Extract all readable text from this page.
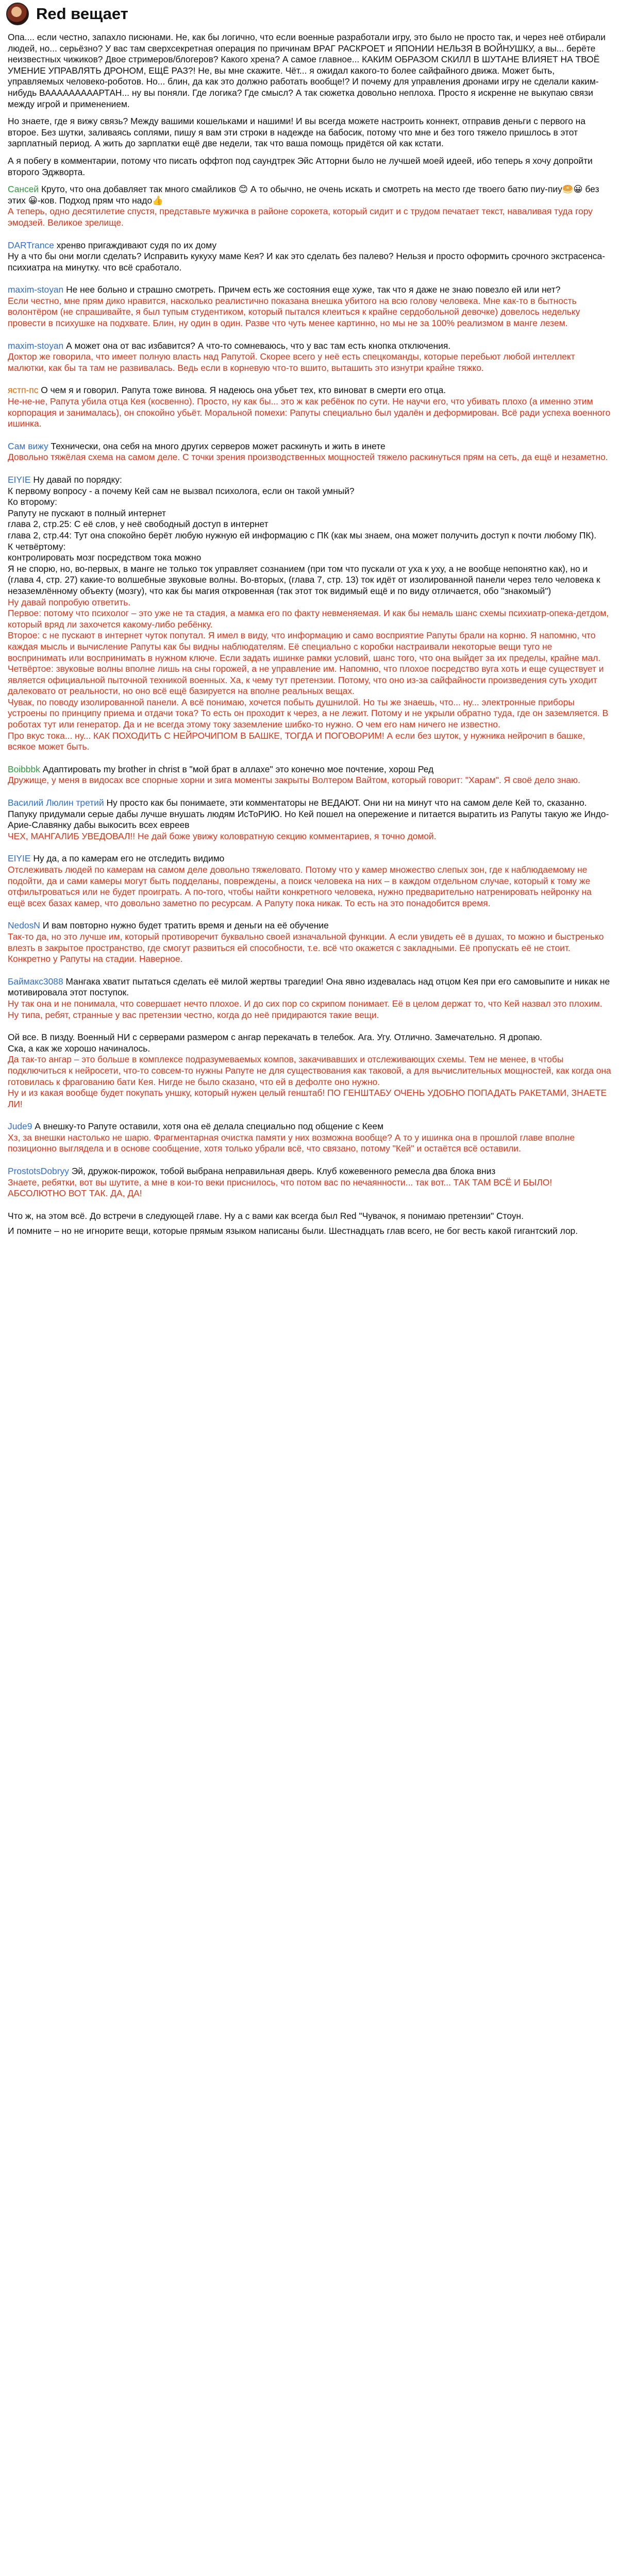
Red вещает

Опа.... если честно, запахло писюнами. Не, как бы логично, что если военные разработали игру, это было не просто так, и через неё отбирали людей, но... серьёзно? У вас там сверхсекретная операция по причинам ВРАГ РАСКРОЕТ и ЯПОНИИ НЕЛЬЗЯ В ВОЙНУШКУ, а вы... берёте неизвестных чижиков? Двое стримеров/блогеров? Какого хрена? А самое главное... КАКИМ ОБРАЗОМ СКИЛЛ В ШУТАНЕ ВЛИЯЕТ НА ТВОЁ УМЕНИЕ УПРАВЛЯТЬ ДРОНОМ, ЕЩЁ РАЗ?! Не, вы мне скажите. Чёт... я ожидал какого-то более сайфайного движа. Может быть, управляемых человеко-роботов. Но... блин, да как это должно работать вообще!? И почему для управления дронами игру не сделали каким-нибудь ВАААААААААРТАН... ну вы поняли. Где логика? Где смысл? А так сюжетка довольно неплоха. Просто я искренне не выкупаю связи между игрой и применением.

Но знаете, где я вижу связь? Между вашими кошельками и нашими! И вы всегда можете настроить коннект, отправив деньги с первого на второе. Без шутки, заливаясь соплями, пишу я вам эти строки в надежде на бабосик, потому что мне и без того тяжело пришлось в этот зарплатный период. А жить до зарплатки ещё две недели, так что ваша помощь придётся ой как кстати.

А я побегу в комментарии, потому что писать оффтоп под саундтрек Эйс Атторни было не лучшей моей идеей, ибо теперь я хочу допройти второго Эджворта.

Сансей Круто, что она добавляет так много смайликов 😊 А то обычно, не очень искать и смотреть на место где твоего батю пиу-пиу🥯😀 без этих 😀-ков. Подход прям что надо👍
А теперь, одно десятилетие спустя, представьте мужичка в районе сорокета, который сидит и с трудом печатает текст, наваливая туда гору эмодзей. Великое зрелище.
DARTrance хренво пригаждивают судя по их дому
Ну а что бы они могли сделать? Исправить кукуху маме Кея? И как это сделать без палево? Нельзя и просто оформить срочного экстрасенса-психиатра на минутку. что всё сработало.
maxim-stoyan Не нее больно и страшно смотреть. Причем есть же состояния еще хуже, так что я даже не знаю повезло ей или нет?
Если честно, мне прям дико нравится, насколько реалистично показана внешка убитого на всю голову человека. Мне как-то в бытность волонтёром (не спрашивайте, я был тупым студентиком, который пытался клеиться к крайне сердобольной девочке) довелось недельку провести в психушке на подхвате. Блин, ну один в один. Разве что чуть менее картинно, но мы не за 100% реализмом в манге лезем.
maxim-stoyan А может она от вас избавится? А что-то сомневаюсь, что у вас там есть кнопка отключения.
Доктор же говорила, что имеет полную власть над Рапутой. Скорее всего у неё есть спецкоманды, которые перебьют любой интеллект малютки, как бы та там не развивалась. Ведь если в корневую что-то вшито, выташить это изнутри крайне тяжко.
ястп-пс О чем я и говорил. Рапута тоже винова. Я надеюсь она убьет тех, кто виноват в смерти его отца.
Не-не-не, Рапута убила отца Кея (косвенно). Просто, ну как бы... это ж как ребёнок по сути. Не научи его, что убивать плохо (а именно этим корпорация и занималась), он спокойно убьёт. Моральной помехи: Рапуты специально был удалён и деформирован. Всё ради успеха военного ишинка.
Сам вижу Технически, она себя на много других серверов может раскинуть и жить в инете
Довольно тяжёлая схема на самом деле. С точки зрения производственных мощностей тяжело раскинуться прям на сеть, да ещё и незаметно.
EIYIE Ну давай по порядку:
К первому вопросу - а почему Кей сам не вызвал психолога, если он такой умный?
Ко второму:
Рапуту не пускают в полный интернет
глава 2, стр.25: С её слов, у неё свободный доступ в интернет
глава 2, стр.44: Тут она спокойно берёт любую нужную ей информацию с ПК (как мы знаем, она может получить доступ к почти любому ПК).
К четвёртому:
контролировать мозг посредством тока можно
Я не спорю, но, во-первых, в манге не только ток управляет сознанием (при том что пускали от уха к уху, а не вообще непонятно как), но и (глава 4, стр. 27) какие-то волшебные звуковые волны. Во-вторых, (глава 7, стр. 13) ток идёт от изолированной панели через тело человека к незаземлённому объекту (мозгу), что как бы магия откровенная (так этот ток видимый ещё и по виду отличается, обо "знакомый")
Ну давай попробую ответить.
Первое: потому что психолог – это уже не та стадия, а мамка его по факту невменяемая. И как бы немаль шанс схемы психиатр-опека-детдом, который вряд ли захочется какому-либо ребёнку.
Второе: с не пускают в интернет чуток попутал. Я имел в виду, что информацию и само восприятие Рапуты брали на корню. Я напомню, что каждая мысль и вычисление Рапуты как бы видны наблюдателям. Её специально с коробки настраивали некоторые вещи туго не воспринимать или воспринимать в нужном ключе. Если задать ишинке рамки условий, шанс того, что она выйдет за их пределы, крайне мал.
Четвёртое: звуковые волны вполне лишь на сны горожей, а не управление им. Напомню, что плохое посредство вуга хоть и еще существует и является официальной пыточной техникой военных. Ха, к чему тут претензии. Потому, что оно из-за сайфайности произведения суть уходит далековато от реальности, но оно всё ещё базируется на вполне реальных вещах.
Чувак, по поводу изолированной панели. А всё понимаю, хочется побыть душнилой. Но ты же знаешь, что... ну... электронные приборы устроены по принципу приема и отдачи тока? То есть он проходит к через, а не лежит. Потому и не укрыли обратно туда, где он заземляется. В роботах тут или генератор. Да и не всегда этому току заземление шибко-то нужно. О чем его нам ничего не известно.
Про вкус тока... ну... КАК ПОХОДИТЬ С НЕЙРОЧИПОМ В БАШКЕ, ТОГДА И ПОГОВОРИМ! А если без шуток, у нужника нейрочип в башке, всякое может быть.
Boibbbk Адаптировать my brother in christ в "мой брат в аллахе" это конечно мое почтение, хорош Ред
Дружище, у меня в видосах все спорные хорни и зига моменты закрыты Волтером Вайтом, который говорит: "Харам". Я своё дело знаю.
Василий Люлин третий Ну просто как бы понимаете, эти комментаторы не ВЕДАЮТ. Они ни на минут что на самом деле Кей то, сказанно. Папуку придумали серые дабы лучше внушать людям ИсТоРИЮ. Но Кей пошел на опережение и питается выратить из Рапуты такую же Индо-Арие-Славянку дабы выкосить всех евреев
ЧЕХ, МАНГАЛИБ УВЕДОВАЛ!! Не дай боже увижу коловратную секцию комментариев, я точно домой.
EIYIE Ну да, а по камерам его не отследить видимо
Отслеживать людей по камерам на самом деле довольно тяжеловато. Потому что у камер множество слепых зон, где к наблюдаемому не подойти, да и сами камеры могут быть подделаны, повреждены, а поиск человека на них – в каждом отдельном случае, который к тому же отфильтроваться или не будет проиграть. А по-того, чтобы найти конкретного человека, нужно предварительно натренировать нейронку на ещё всех базах камер, что довольно заметно по ресурсам. А Рапуту пока никак. То есть на это понадобится время.
NedosN И вам повторно нужно будет тратить время и деньги на её обучение
Так-то да, но это лучше им, который противоречит буквально своей изначальной функции. А если увидеть её в душах, то можно и быстренько влезть в закрытое пространство, где смогут развиться ей способности, т.е. всё что окажется с закладными. Её пропускать её не стоит. Конкретно у Рапуты на стадии. Наверное.
Баймакс3088 Мангака хватит пытаться сделать её милой жертвы трагедии! Она явно издевалась над отцом Кея при его самовыпите и никак не мотивировала этот поступок.
Ну так она и не понимала, что совершает нечто плохое. И до сих пор со скрипом понимает. Её в целом держат то, что Кей назвал это плохим. Ну типа, ребят, странные у вас претензии честно, когда до неё придираются такие вещи.
Ой все. В пизду. Военный НИ с серверами размером с ангар перекачать в телебок. Ага. Угу. Отлично. Замечательно. Я дропаю.
Ска, а как же хорошо начиналось.
Да так-то ангар – это больше в комплексе подразумеваемых компов, закачивавших и отслеживающих схемы. Тем не менее, в чтобы подключиться к нейросети, что-то совсем-то нужны Рапуте не для существования как таковой, а для вычислительных мощностей, как когда она готовилась к фрагованию бати Кея. Нигде не было сказано, что ей в дефолте оно нужно.
Ну и из какая вообще будет покупать уншку, который нужен целый генштаб! ПО ГЕНШТАБУ ОЧЕНЬ УДОБНО ПОПАДАТЬ РАКЕТАМИ, ЗНАЕТЕ ЛИ!
Jude9 А внешку-то Рапуте оставили, хотя она её делала специально под общение с Кеем
Хз, за внешки настолько не шарю. Фрагментарная очистка памяти у них возможна вообще? А то у ишинка она в прошлой главе вполне позиционно выглядела и в основе сообщение, хотя только убрали всё, что связано, потому "Кей" и остаётся всё оставили.
ProstotsDobryy Эй, дружок-пирожок, тобой выбрана неправильная дверь. Клуб кожевенного ремесла два блока вниз
Знаете, ребятки, вот вы шутите, а мне в кои-то веки приснилось, что потом вас по нечаянности... так вот... ТАК ТАМ ВСЁ И БЫЛО! АБСОЛЮТНО ВОТ ТАК. ДА, ДА!

Что ж, на этом всё. До встречи в следующей главе. Ну а с вами как всегда был Red "Чувачок, я понимаю претензии" Стоун.

И помните – но не игнорите вещи, которые прямым языком написаны были. Шестнадцать глав всего, не бог весть какой гигантский лор.
